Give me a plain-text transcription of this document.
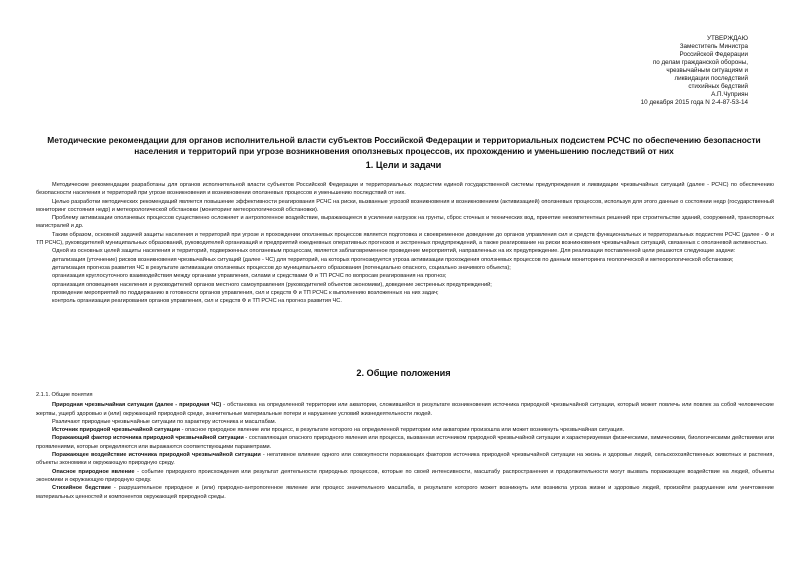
УТВЕРЖДАЮ
Заместитель Министра
Российской Федерации
по делам гражданской обороны,
чрезвычайным ситуациям и
ликвидации последствий
стихийных бедствий
А.П.Чуприян
10 декабря 2015 года N 2-4-87-53-14
Методические рекомендации для органов исполнительной власти субъектов Российской Федерации и территориальных подсистем РСЧС по обеспечению безопасности населения и территорий при угрозе возникновения оползневых процессов, их прохождению и уменьшению последствий от них
1. Цели и задачи

Методические рекомендации разработаны для органов исполнительной власти субъектов Российской Федерации и территориальных подсистем единой государственной системы предупреждения и ликвидации чрезвычайных ситуаций (далее - РСЧС) по обеспечению безопасности населения и территорий при угрозе возникновения и возникновении оползневых процессов и уменьшению последствий от них.

Целью разработки методических рекомендаций является повышение эффективности реагирования РСЧС на риски, вызванные угрозой возникновения и возникновением (активизацией) оползневых процессов, используя для этого данные о состоянии недр (государственный мониторинг состояния недр) и метеорологической обстановки (мониторинг метеорологической обстановки).

Проблему активизации оползневых процессов существенно осложняет и антропогенное воздействие, выражающееся в усилении нагрузок на грунты, сброс сточных и технических вод, принятие некомпетентных решений при строительстве зданий, сооружений, транспортных магистралей и др.

Таким образом, основной задачей защиты населения и территорий при угрозе и прохождении оползневых процессов является подготовка и своевременное доведение до органов управления сил и средств функциональных и территориальных подсистем РСЧС (далее - Ф и ТП РСЧС), руководителей муниципальных образований, руководителей организаций и предприятий ежедневных оперативных прогнозов и экстренных предупреждений, а также реагирование на риски возникновения чрезвычайных ситуаций, связанных с оползневой активностью.

Одной из основных целей защиты населения и территорий, подверженных оползневым процессам, является заблаговременное проведение мероприятий, направленных на их предупреждение. Для реализации поставленной цели решаются следующие задачи:

детализация (уточнение) рисков возникновения чрезвычайных ситуаций (далее - ЧС) для территорий, на которых прогнозируется угроза активизации прохождения оползневых процессов по данным мониторинга геологической и метеорологической обстановки;

детализация прогноза развития ЧС в результате активизации оползневых процессов до муниципального образования (потенциально опасного, социально значимого объекта);

организация круглосуточного взаимодействия между органами управления, силами и средствами Ф и ТП РСЧС по вопросам реагирования на прогноз;

организация оповещения населения и руководителей органов местного самоуправления (руководителей объектов экономики), доведение экстренных предупреждений;

проведение мероприятий по поддержанию в готовности органов управления, сил и средств Ф и ТП РСЧС к выполнению возложенных на них задач;

контроль организации реагирования органов управления, сил и средств Ф и ТП РСЧС на прогноз развития ЧС.

2. Общие положения

2.1.1. Общие понятия

Природная чрезвычайная ситуация (далее - природная ЧС) - обстановка на определенной территории или акватории, сложившейся в результате возникновения источника природной чрезвычайной ситуации, который может повлечь или повлек за собой человеческие жертвы, ущерб здоровью и (или) окружающей природной среде, значительные материальные потери и нарушение условий жизнедеятельности людей.

Различают природные чрезвычайные ситуации по характеру источника и масштабам.

Источник природной чрезвычайной ситуации - опасное природное явление или процесс, в результате которого на определенной территории или акватории произошла или может возникнуть чрезвычайная ситуация.

Поражающий фактор источника природной чрезвычайной ситуации - составляющая опасного природного явления или процесса, вызванная источником природной чрезвычайной ситуации и характеризуемая физическими, химическими, биологическими действиями или проявлениями, которые определяются или выражаются соответствующими параметрами.

Поражающее воздействие источника природной чрезвычайной ситуации - негативное влияние одного или совокупности поражающих факторов источника природной чрезвычайной ситуации на жизнь и здоровье людей, сельскохозяйственных животных и растения, объекты экономики и окружающую природную среду.

Опасное природное явление - событие природного происхождения или результат деятельности природных процессов, которые по своей интенсивности, масштабу распространения и продолжительности могут вызвать поражающее воздействие на людей, объекты экономики и окружающую природную среду.

Стихийное бедствие - разрушительное природное и (или) природно-антропогенное явление или процесс значительного масштаба, в результате которого может возникнуть или возникла угроза жизни и здоровью людей, произойти разрушение или уничтожение материальных ценностей и компонентов окружающей природной среды.
